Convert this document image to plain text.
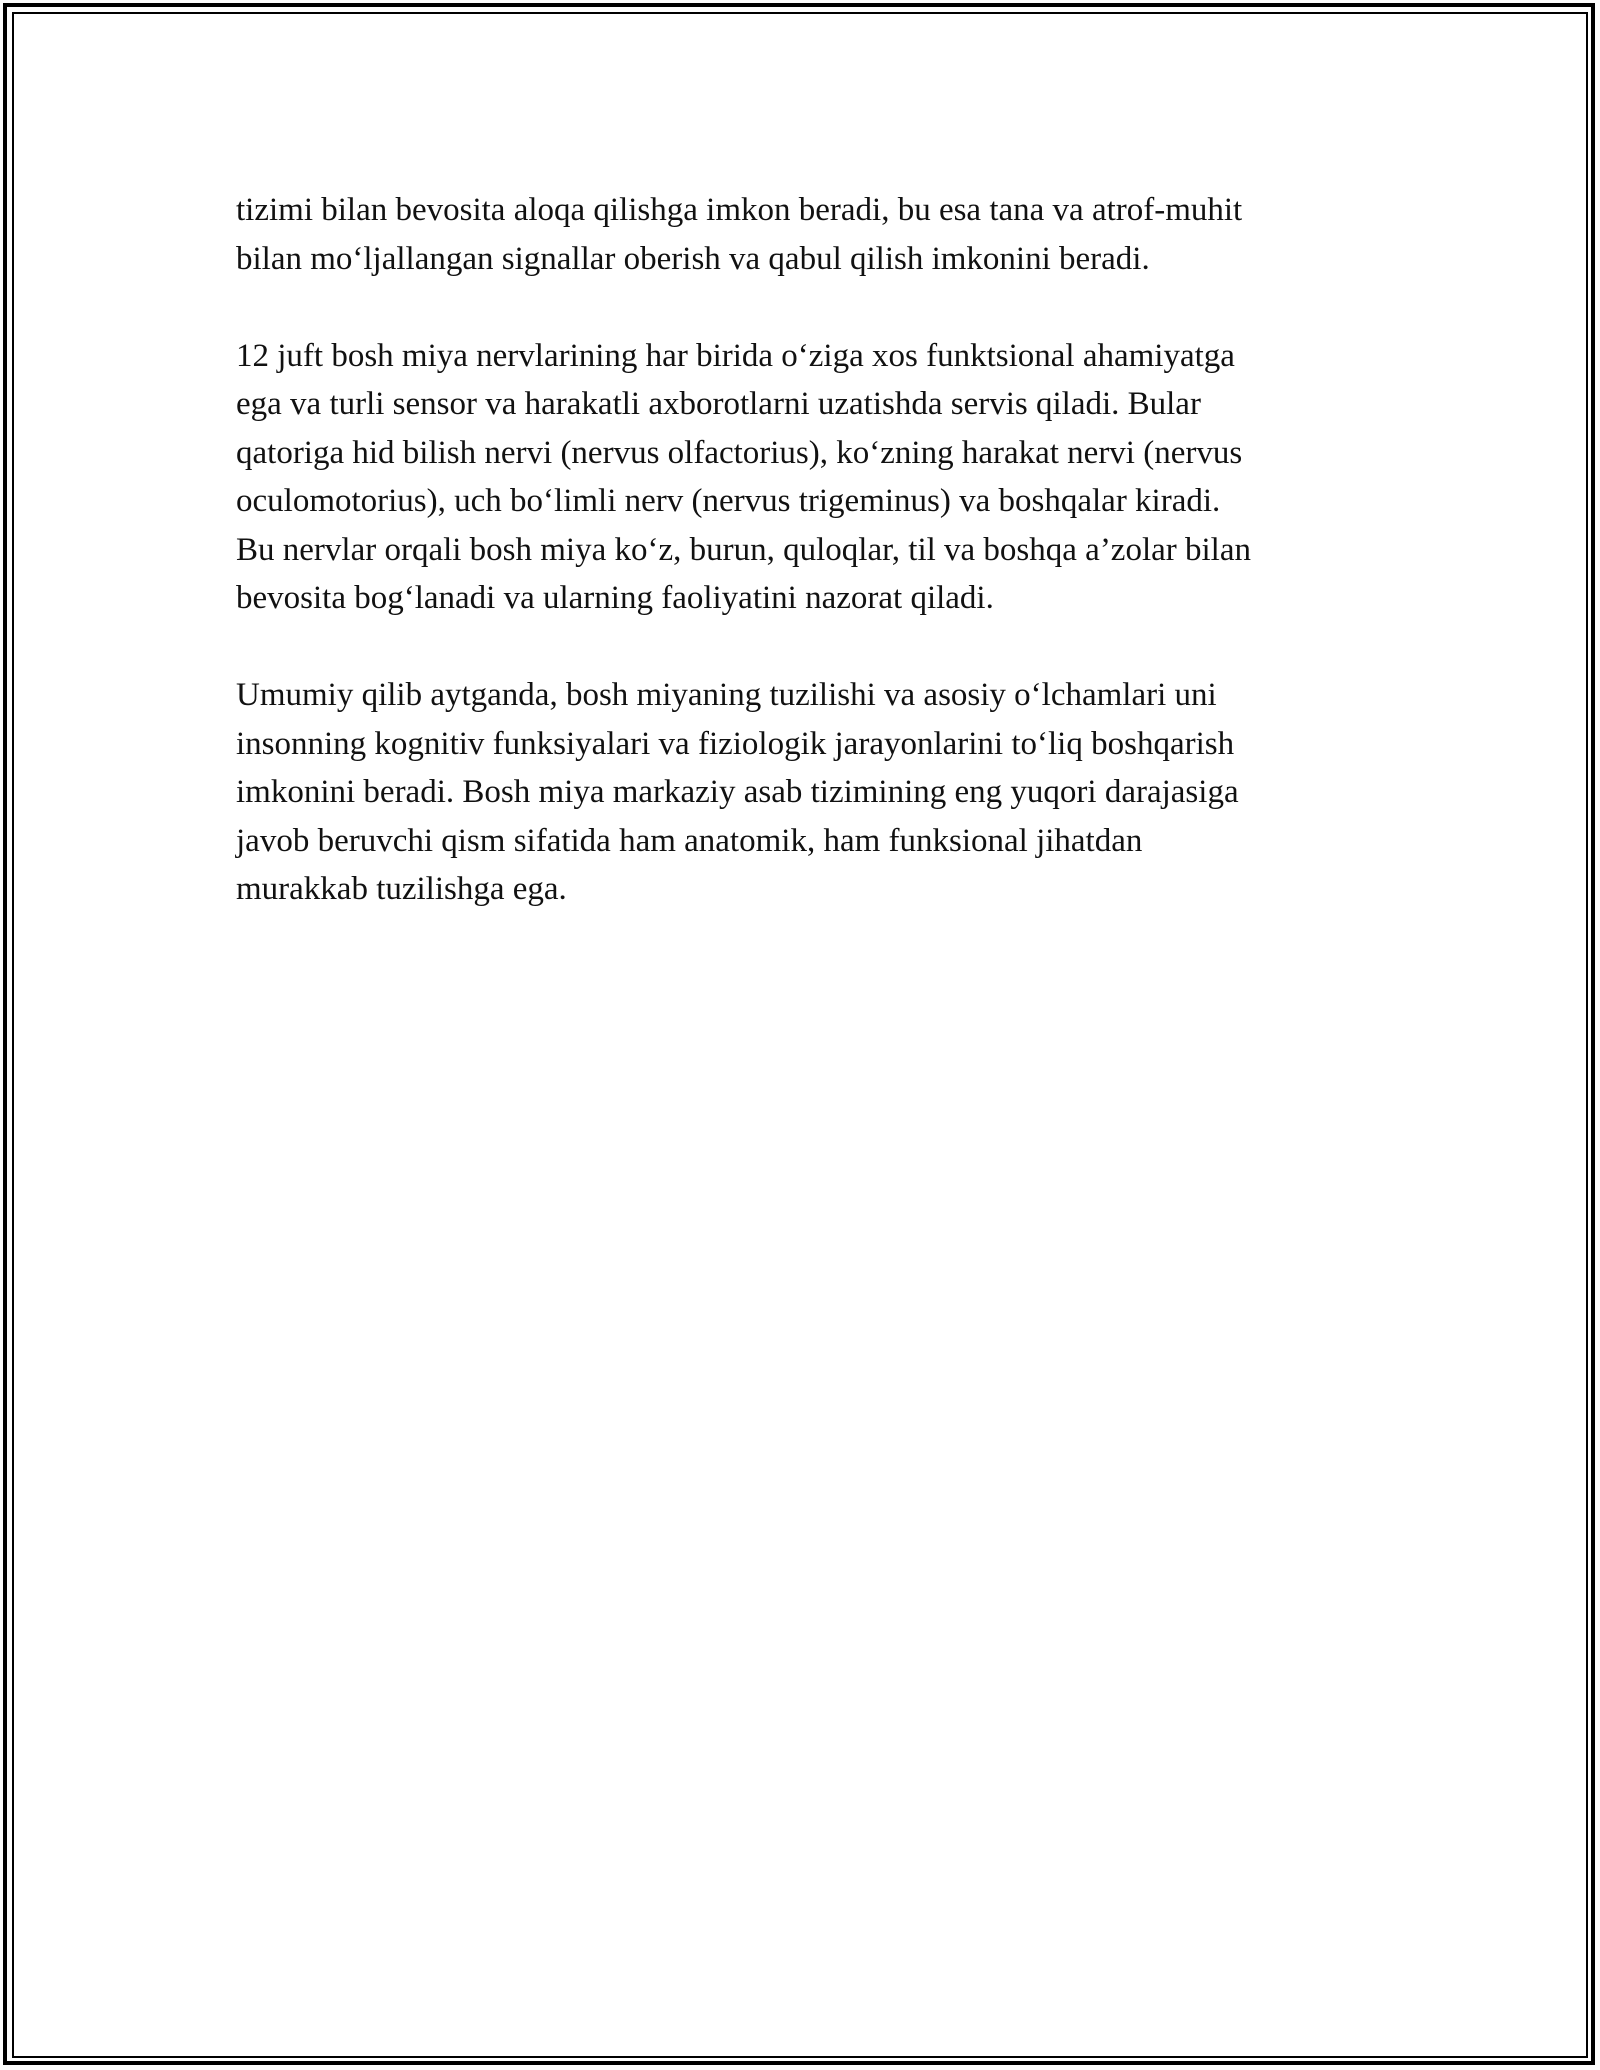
tizimi bilan bevosita aloqa qilishga imkon beradi, bu esa tana va atrof-muhit
bilan mo‘ljallangan signallar oberish va qabul qilish imkonini beradi.

12 juft bosh miya nervlarining har birida o‘ziga xos funktsional ahamiyatga
ega va turli sensor va harakatli axborotlarni uzatishda servis qiladi. Bular
qatoriga hid bilish nervi (nervus olfactorius), ko‘zning harakat nervi (nervus
oculomotorius), uch bo‘limli nerv (nervus trigeminus) va boshqalar kiradi.
Bu nervlar orqali bosh miya ko‘z, burun, quloqlar, til va boshqa a’zolar bilan
bevosita bog‘lanadi va ularning faoliyatini nazorat qiladi.

Umumiy qilib aytganda, bosh miyaning tuzilishi va asosiy o‘lchamlari uni
insonning kognitiv funksiyalari va fiziologik jarayonlarini to‘liq boshqarish
imkonini beradi. Bosh miya markaziy asab tizimining eng yuqori darajasiga
javob beruvchi qism sifatida ham anatomik, ham funksional jihatdan
murakkab tuzilishga ega.
